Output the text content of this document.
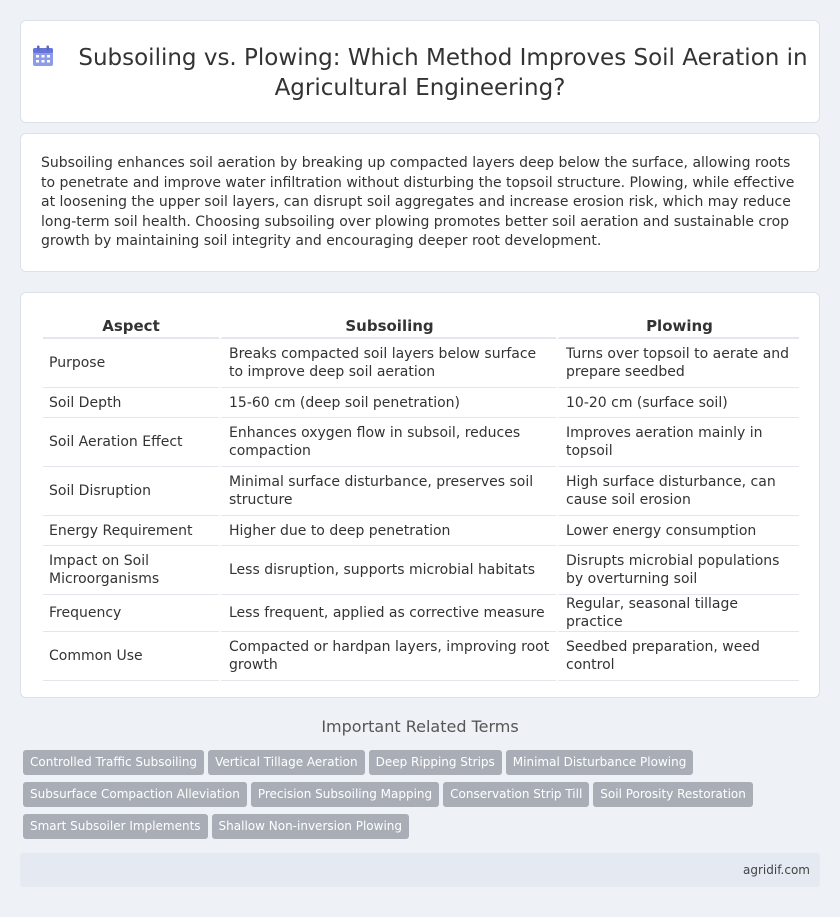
Subsoiling vs. Plowing: Which Method Improves Soil Aeration in
Agricultural Engineering?

Subsoiling enhances soil aeration by breaking up compacted layers deep below the surface, allowing roots to penetrate and improve water infiltration without disturbing the topsoil structure. Plowing, while effective at loosening the upper soil layers, can disrupt soil aggregates and increase erosion risk, which may reduce long-term soil health. Choosing subsoiling over plowing promotes better soil aeration and sustainable crop growth by maintaining soil integrity and encouraging deeper root development.

Aspect	Subsoiling	Plowing
Purpose	Breaks compacted soil layers below surface to improve deep soil aeration	Turns over topsoil to aerate and prepare seedbed
Soil Depth	15-60 cm (deep soil penetration)	10-20 cm (surface soil)
Soil Aeration Effect	Enhances oxygen flow in subsoil, reduces compaction	Improves aeration mainly in topsoil
Soil Disruption	Minimal surface disturbance, preserves soil structure	High surface disturbance, can cause soil erosion
Energy Requirement	Higher due to deep penetration	Lower energy consumption
Impact on Soil Microorganisms	Less disruption, supports microbial habitats	Disrupts microbial populations by overturning soil
Frequency	Less frequent, applied as corrective measure	Regular, seasonal tillage practice
Common Use	Compacted or hardpan layers, improving root growth	Seedbed preparation, weed control
Important Related Terms
Controlled Traffic Subsoiling Vertical Tillage Aeration Deep Ripping Strips Minimal Disturbance Plowing
Subsurface Compaction Alleviation Precision Subsoiling Mapping Conservation Strip Till Soil Porosity Restoration
Smart Subsoiler Implements Shallow Non-inversion Plowing
agridif.com
